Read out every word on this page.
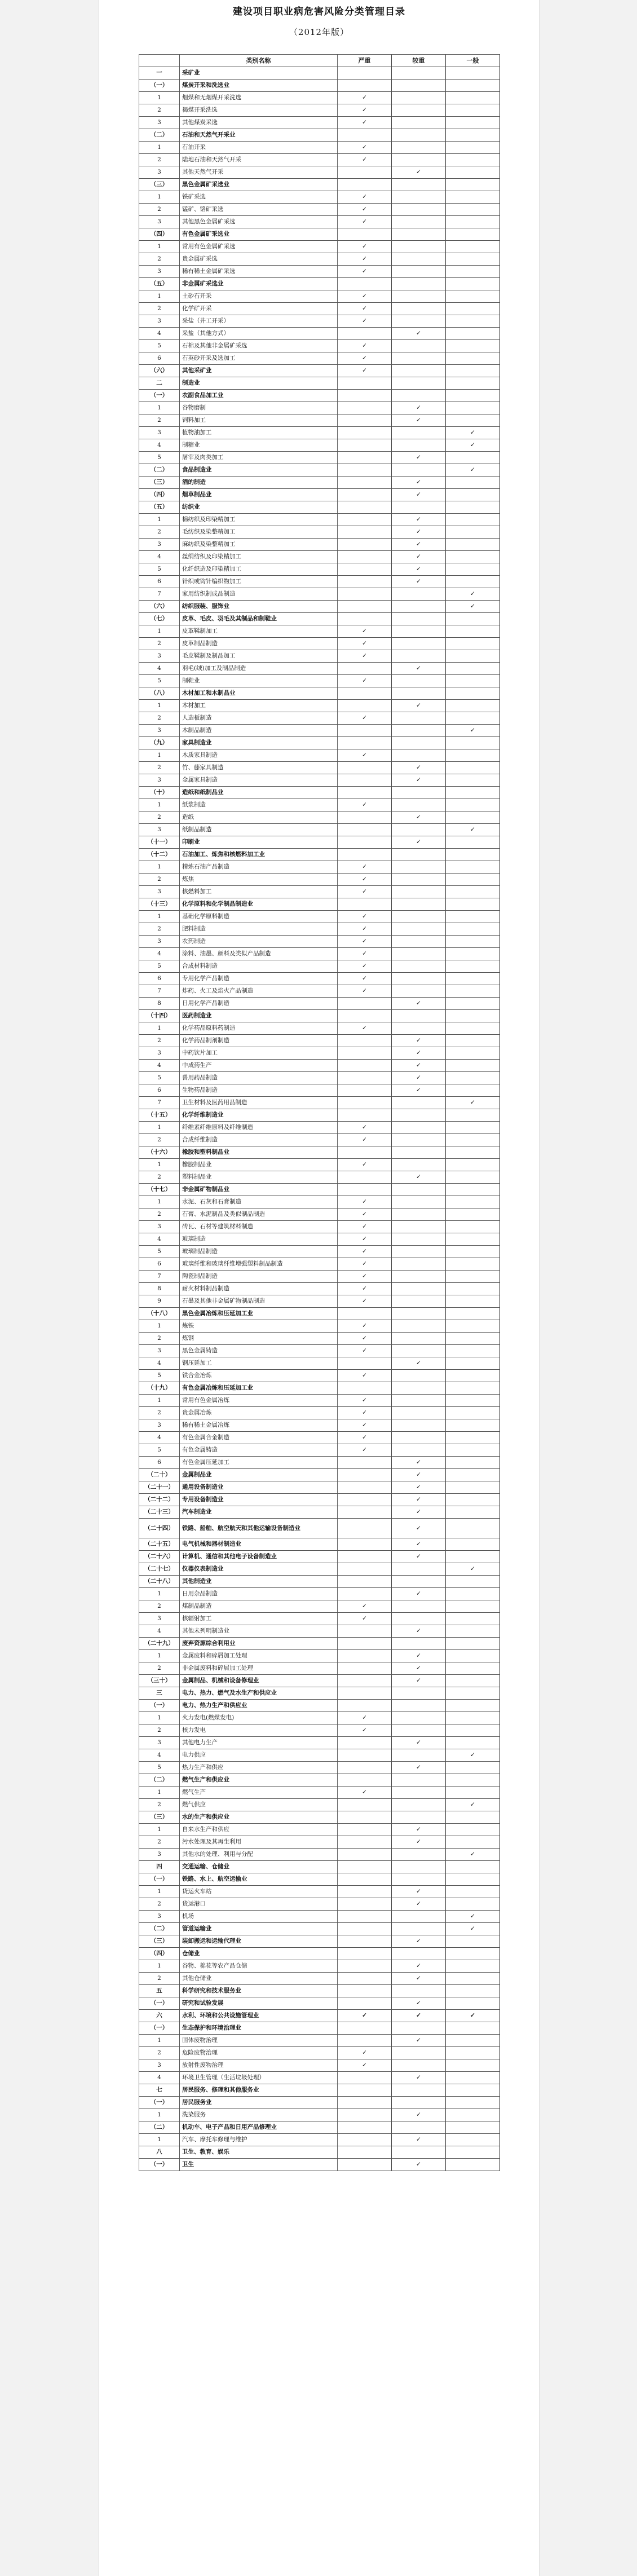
建设项目职业病危害风险分类管理目录
（2012年版）
	类别名称	严重	较重	一般
一	采矿业			
（一）	煤炭开采和洗选业			
1	烟煤和无烟煤开采洗选	✓		
2	褐煤开采洗选	✓		
3	其他煤炭采选	✓		
（二）	石油和天然气开采业			
1	石油开采	✓		
2	陆地石油和天然气开采	✓		
3	其他天然气开采		✓	
（三）	黑色金属矿采选业			
1	铁矿采选	✓		
2	锰矿、铬矿采选	✓		
3	其他黑色金属矿采选	✓		
（四）	有色金属矿采选业			
1	常用有色金属矿采选	✓		
2	贵金属矿采选	✓		
3	稀有稀土金属矿采选	✓		
（五）	非金属矿采选业			
1	土砂石开采	✓		
2	化学矿开采	✓		
3	采盐（井工开采）	✓		
4	采盐（其他方式）		✓	
5	石棉及其他非金属矿采选	✓		
6	石英砂开采及选加工	✓		
（六）	其他采矿业	✓		
二	制造业			
（一）	农副食品加工业			
1	谷物磨制		✓	
2	饲料加工		✓	
3	植物油加工			✓
4	制糖业			✓
5	屠宰及肉类加工		✓	
（二）	食品制造业			✓
（三）	酒的制造		✓	
（四）	烟草制品业		✓	
（五）	纺织业			
1	棉纺织及印染精加工		✓	
2	毛纺织及染整精加工		✓	
3	麻纺织及染整精加工		✓	
4	丝绢纺织及印染精加工		✓	
5	化纤织造及印染精加工		✓	
6	针织或钩针编织物加工		✓	
7	家用纺织制成品制造			✓
（六）	纺织服装、服饰业			✓
（七）	皮革、毛皮、羽毛及其制品和制鞋业			
1	皮革鞣制加工	✓		
2	皮革制品制造	✓		
3	毛皮鞣制及制品加工	✓		
4	羽毛(绒)加工及制品制造		✓	
5	制鞋业	✓		
（八）	木材加工和木制品业			
1	木材加工		✓	
2	人造板制造	✓		
3	木制品制造			✓
（九）	家具制造业			
1	木质家具制造	✓		
2	竹、藤家具制造		✓	
3	金属家具制造		✓	
（十）	造纸和纸制品业			
1	纸浆制造	✓		
2	造纸		✓	
3	纸制品制造			✓
（十一）	印刷业		✓	
（十二）	石油加工、炼焦和核燃料加工业			
1	精炼石油产品制造	✓		
2	炼焦	✓		
3	核燃料加工	✓		
（十三）	化学原料和化学制品制造业			
1	基础化学原料制造	✓		
2	肥料制造	✓		
3	农药制造	✓		
4	涂料、油墨、颜料及类似产品制造	✓		
5	合成材料制造	✓		
6	专用化学产品制造	✓		
7	炸药、火工及焰火产品制造	✓		
8	日用化学产品制造		✓	
（十四）	医药制造业			
1	化学药品原料药制造	✓		
2	化学药品制剂制造		✓	
3	中药饮片加工		✓	
4	中成药生产		✓	
5	兽用药品制造		✓	
6	生物药品制造		✓	
7	卫生材料及医药用品制造			✓
（十五）	化学纤维制造业			
1	纤维素纤维原料及纤维制造	✓		
2	合成纤维制造	✓		
（十六）	橡胶和塑料制品业			
1	橡胶制品业	✓		
2	塑料制品业		✓	
（十七）	非金属矿物制品业			
1	水泥、石灰和石膏制造	✓		
2	石膏、水泥制品及类似制品制造	✓		
3	砖瓦、石材等建筑材料制造	✓		
4	玻璃制造	✓		
5	玻璃制品制造	✓		
6	玻璃纤维和玻璃纤维增强塑料制品制造	✓		
7	陶瓷制品制造	✓		
8	耐火材料制品制造	✓		
9	石墨及其他非金属矿物制品制造	✓		
（十八）	黑色金属冶炼和压延加工业			
1	炼铁	✓		
2	炼钢	✓		
3	黑色金属铸造	✓		
4	钢压延加工		✓	
5	铁合金冶炼	✓		
（十九）	有色金属冶炼和压延加工业			
1	常用有色金属冶炼	✓		
2	贵金属冶炼	✓		
3	稀有稀土金属冶炼	✓		
4	有色金属合金制造	✓		
5	有色金属铸造	✓		
6	有色金属压延加工		✓	
（二十）	金属制品业		✓	
（二十一）	通用设备制造业		✓	
（二十二）	专用设备制造业		✓	
（二十三）	汽车制造业		✓	
（二十四）	铁路、船舶、航空航天和其他运输设备制造业		✓	
（二十五）	电气机械和器材制造业		✓	
（二十六）	计算机、通信和其他电子设备制造业		✓	
（二十七）	仪器仪表制造业			✓
（二十八）	其他制造业			
1	日用杂品制造		✓	
2	煤制品制造	✓		
3	核辐射加工	✓		
4	其他未列明制造业		✓	
（二十九）	废弃资源综合利用业			
1	金属废料和碎屑加工处理		✓	
2	非金属废料和碎屑加工处理		✓	
（三十）	金属制品、机械和设备修理业		✓	
三	电力、热力、燃气及水生产和供应业			
（一）	电力、热力生产和供应业			
1	火力发电(燃煤发电)	✓		
2	核力发电	✓		
3	其他电力生产		✓	
4	电力供应			✓
5	热力生产和供应		✓	
（二）	燃气生产和供应业			
1	燃气生产	✓		
2	燃气供应			✓
（三）	水的生产和供应业			
1	自来水生产和供应		✓	
2	污水处理及其再生利用		✓	
3	其他水的处理、利用与分配			✓
四	交通运输、仓储业			
（一）	铁路、水上、航空运输业			
1	货运火车站		✓	
2	货运港口		✓	
3	机场			✓
（二）	管道运输业			✓
（三）	装卸搬运和运输代理业		✓	
（四）	仓储业			
1	谷物、棉花等农产品仓储		✓	
2	其他仓储业		✓	
五	科学研究和技术服务业			
（一）	研究和试验发展		✓	
六	水利、环境和公共设施管理业	✓	✓	✓
（一）	生态保护和环境治理业			
1	固体废物治理		✓	
2	危险废物治理	✓		
3	放射性废物治理	✓		
4	环境卫生管理（生活垃圾处理）		✓	
七	居民服务、修理和其他服务业			
（一）	居民服务业			
1	洗染服务		✓	
（二）	机动车、电子产品和日用产品修理业			
1	汽车、摩托车修理与维护		✓	
八	卫生、教育、娱乐			
（一）	卫生		✓	
